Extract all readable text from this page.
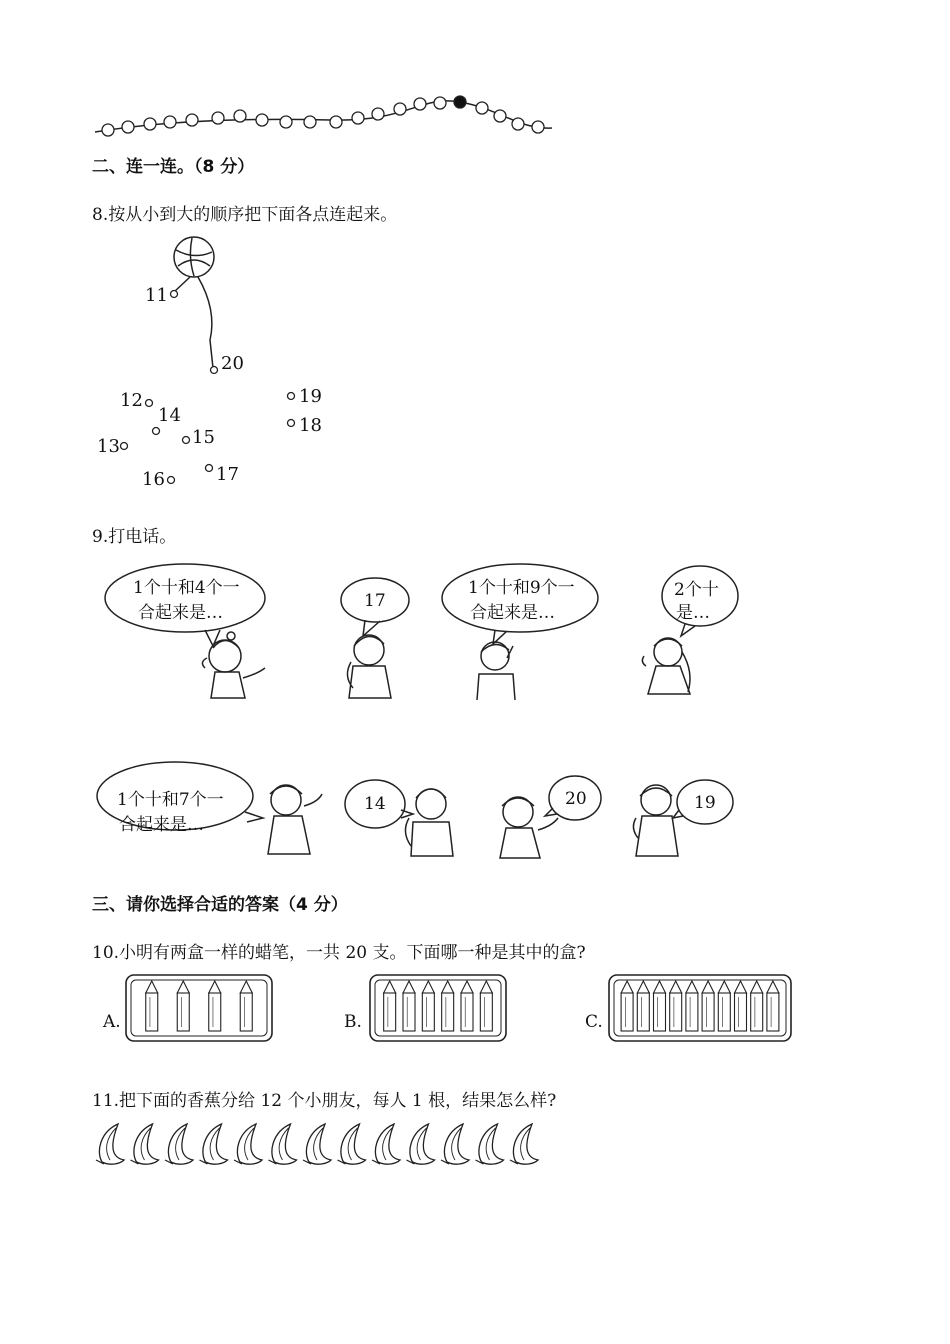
二、连一连。（8 分）
8.按从小到大的顺序把下面各点连起来。
11
20
12
14
13	15
16	17
19
18
9.打电话。
1个十和4个一
合起来是…
17
1个十和9个一
合起来是…
2个十
是…
1个十和7个一
合起来是…
14	20	19
三、请你选择合适的答案（4 分）
10.小明有两盒一样的蜡笔，一共 20 支。下面哪一种是其中的盒?
A.	B.	C.
11.把下面的香蕉分给 12 个小朋友，每人 1 根，结果怎么样?
